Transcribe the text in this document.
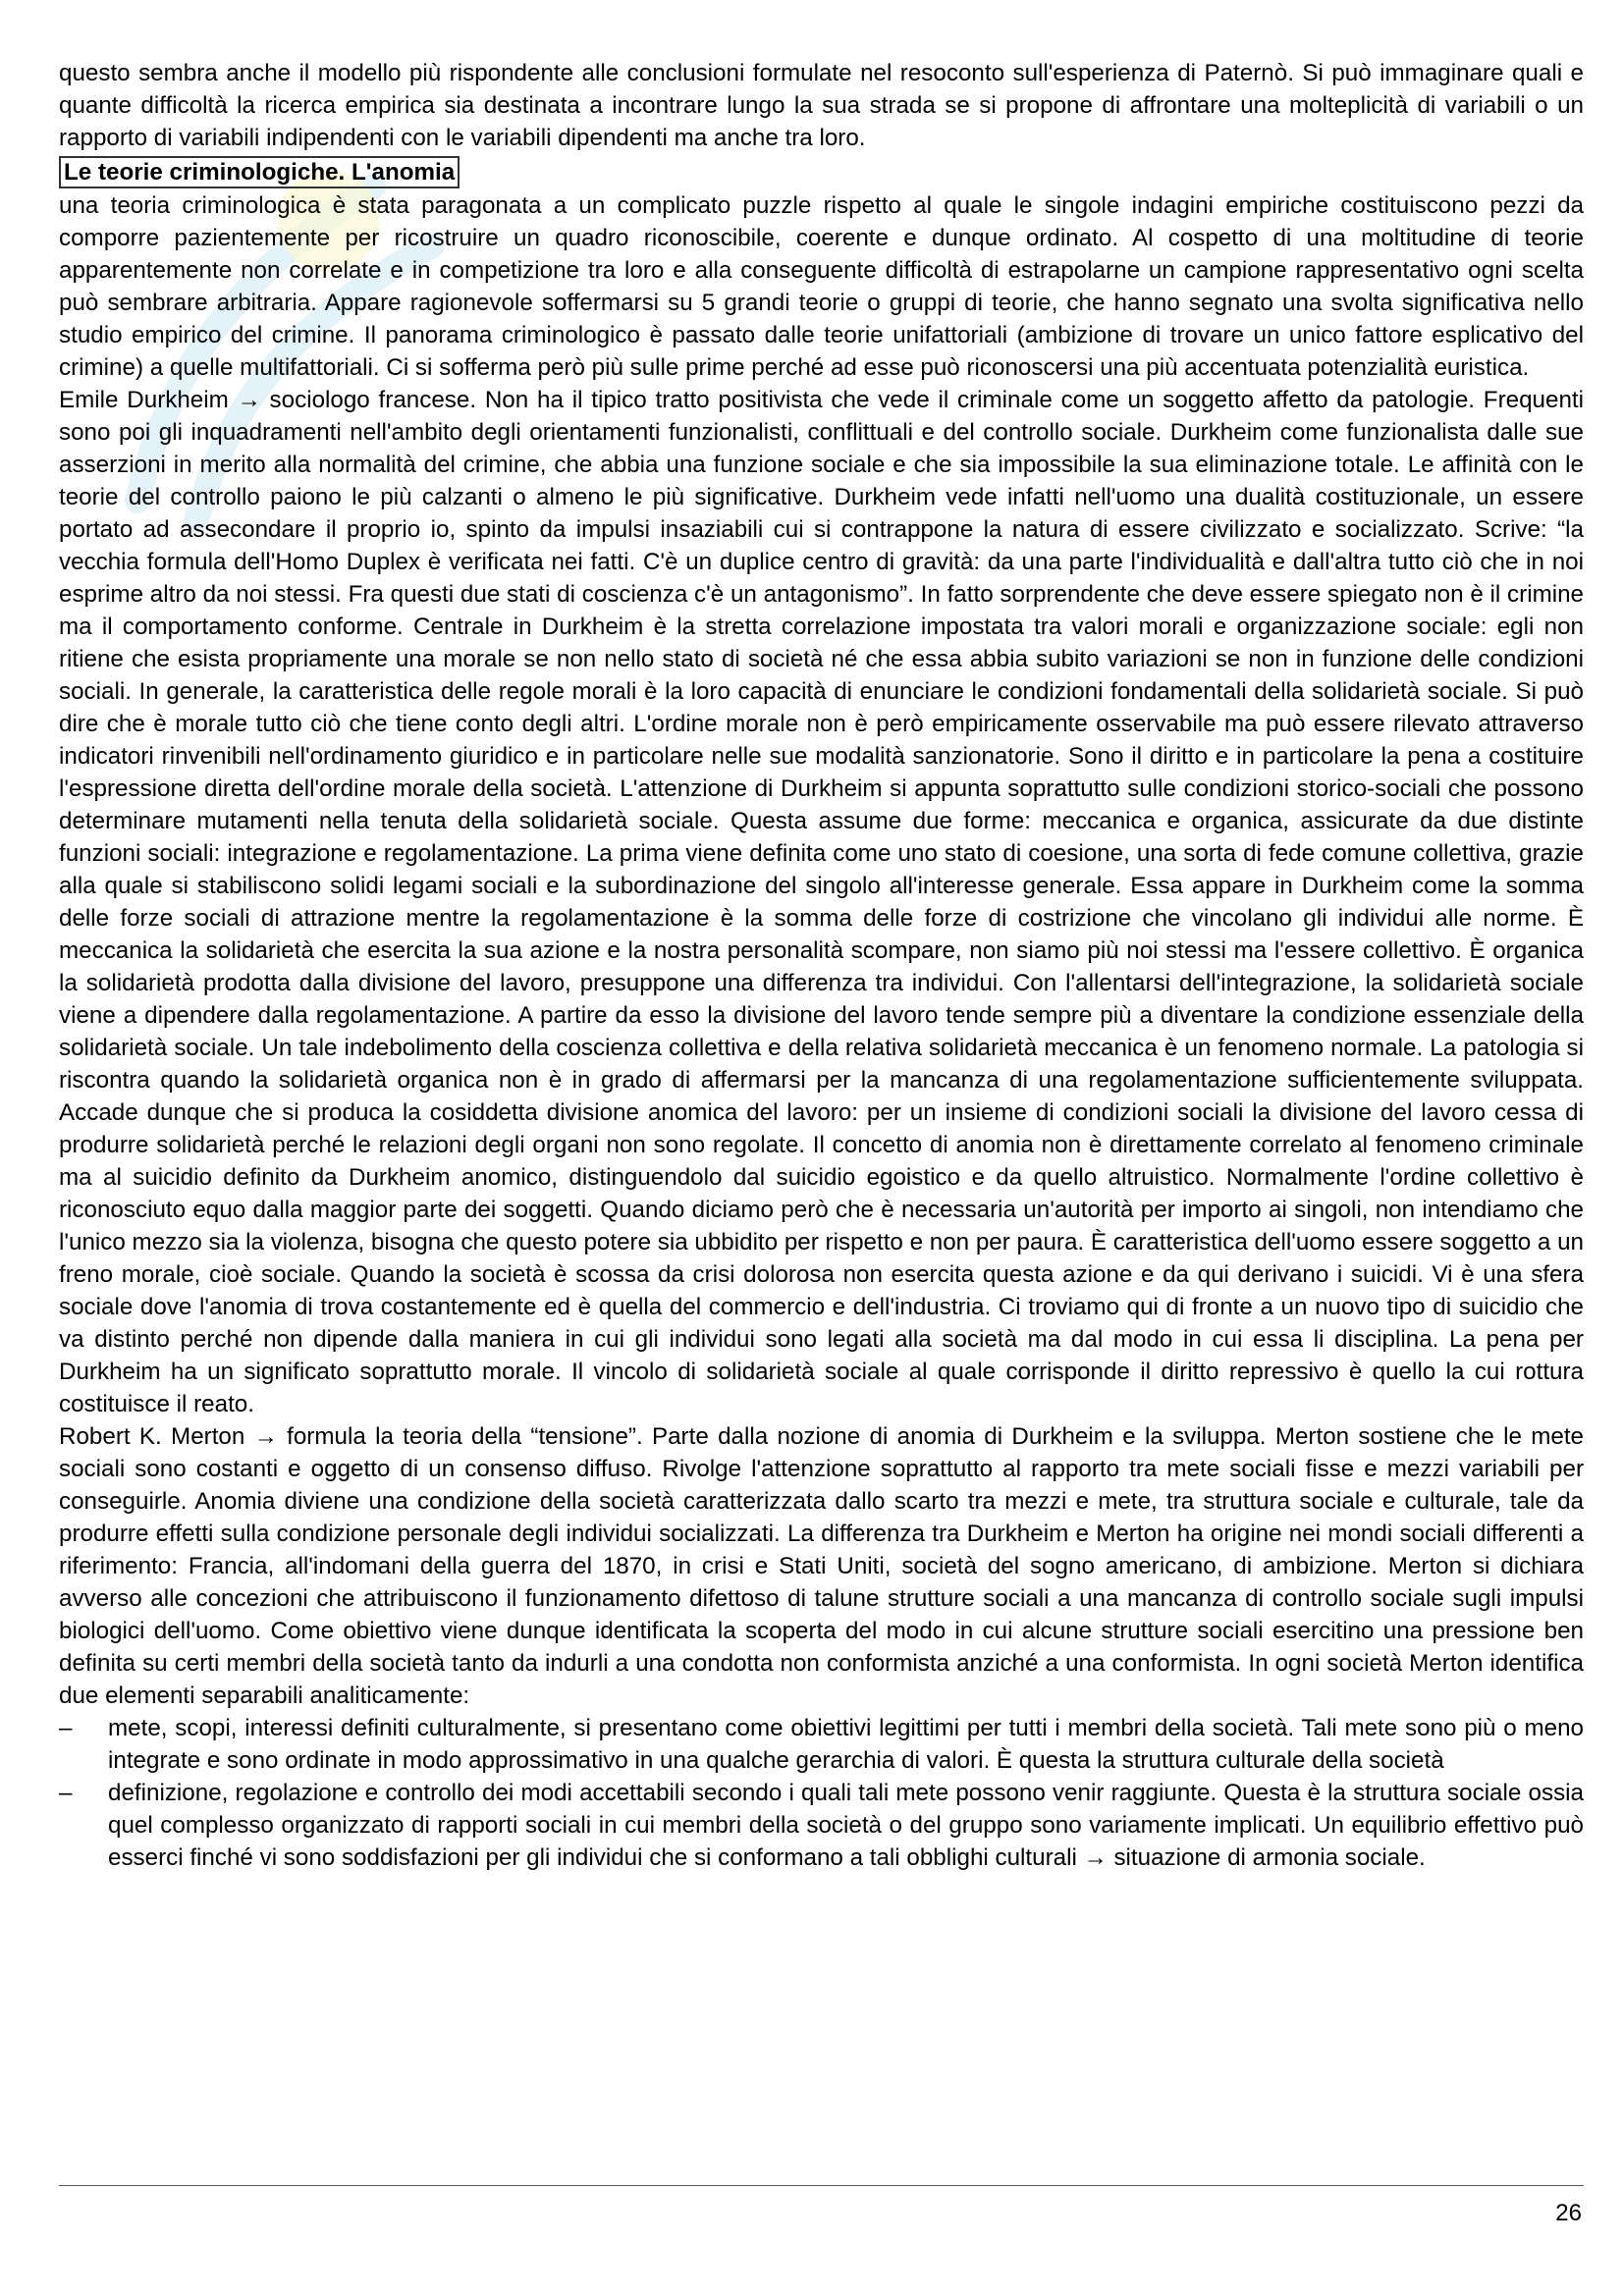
questo sembra anche il modello più rispondente alle conclusioni formulate nel resoconto sull'esperienza di Paternò. Si può immaginare quali e quante difficoltà la ricerca empirica sia destinata a incontrare lungo la sua strada se si propone di affrontare una molteplicità di variabili o un rapporto di variabili indipendenti con le variabili dipendenti ma anche tra loro.

Le teorie criminologiche. L'anomia

una teoria criminologica è stata paragonata a un complicato puzzle rispetto al quale le singole indagini empiriche costituiscono pezzi da comporre pazientemente per ricostruire un quadro riconoscibile, coerente e dunque ordinato. Al cospetto di una moltitudine di teorie apparentemente non correlate e in competizione tra loro e alla conseguente difficoltà di estrapolarne un campione rappresentativo ogni scelta può sembrare arbitraria. Appare ragionevole soffermarsi su 5 grandi teorie o gruppi di teorie, che hanno segnato una svolta significativa nello studio empirico del crimine. Il panorama criminologico è passato dalle teorie unifattoriali (ambizione di trovare un unico fattore esplicativo del crimine) a quelle multifattoriali. Ci si sofferma però più sulle prime perché ad esse può riconoscersi una più accentuata potenzialità euristica.

Emile Durkheim → sociologo francese. Non ha il tipico tratto positivista che vede il criminale come un soggetto affetto da patologie. Frequenti sono poi gli inquadramenti nell'ambito degli orientamenti funzionalisti, conflittuali e del controllo sociale. Durkheim come funzionalista dalle sue asserzioni in merito alla normalità del crimine, che abbia una funzione sociale e che sia impossibile la sua eliminazione totale. Le affinità con le teorie del controllo paiono le più calzanti o almeno le più significative. Durkheim vede infatti nell'uomo una dualità costituzionale, un essere portato ad assecondare il proprio io, spinto da impulsi insaziabili cui si contrappone la natura di essere civilizzato e socializzato. Scrive: “la vecchia formula dell'Homo Duplex è verificata nei fatti. C'è un duplice centro di gravità: da una parte l'individualità e dall'altra tutto ciò che in noi esprime altro da noi stessi. Fra questi due stati di coscienza c'è un antagonismo”. In fatto sorprendente che deve essere spiegato non è il crimine ma il comportamento conforme. Centrale in Durkheim è la stretta correlazione impostata tra valori morali e organizzazione sociale: egli non ritiene che esista propriamente una morale se non nello stato di società né che essa abbia subito variazioni se non in funzione delle condizioni sociali. In generale, la caratteristica delle regole morali è la loro capacità di enunciare le condizioni fondamentali della solidarietà sociale. Si può dire che è morale tutto ciò che tiene conto degli altri. L'ordine morale non è però empiricamente osservabile ma può essere rilevato attraverso indicatori rinvenibili nell'ordinamento giuridico e in particolare nelle sue modalità sanzionatorie. Sono il diritto e in particolare la pena a costituire l'espressione diretta dell'ordine morale della società. L'attenzione di Durkheim si appunta soprattutto sulle condizioni storico-sociali che possono determinare mutamenti nella tenuta della solidarietà sociale. Questa assume due forme: meccanica e organica, assicurate da due distinte funzioni sociali: integrazione e regolamentazione. La prima viene definita come uno stato di coesione, una sorta di fede comune collettiva, grazie alla quale si stabiliscono solidi legami sociali e la subordinazione del singolo all'interesse generale. Essa appare in Durkheim come la somma delle forze sociali di attrazione mentre la regolamentazione è la somma delle forze di costrizione che vincolano gli individui alle norme. È meccanica la solidarietà che esercita la sua azione e la nostra personalità scompare, non siamo più noi stessi ma l'essere collettivo. È organica la solidarietà prodotta dalla divisione del lavoro, presuppone una differenza tra individui. Con l'allentarsi dell'integrazione, la solidarietà sociale viene a dipendere dalla regolamentazione. A partire da esso la divisione del lavoro tende sempre più a diventare la condizione essenziale della solidarietà sociale. Un tale indebolimento della coscienza collettiva e della relativa solidarietà meccanica è un fenomeno normale. La patologia si riscontra quando la solidarietà organica non è in grado di affermarsi per la mancanza di una regolamentazione sufficientemente sviluppata. Accade dunque che si produca la cosiddetta divisione anomica del lavoro: per un insieme di condizioni sociali la divisione del lavoro cessa di produrre solidarietà perché le relazioni degli organi non sono regolate. Il concetto di anomia non è direttamente correlato al fenomeno criminale ma al suicidio definito da Durkheim anomico, distinguendolo dal suicidio egoistico e da quello altruistico. Normalmente l'ordine collettivo è riconosciuto equo dalla maggior parte dei soggetti. Quando diciamo però che è necessaria un'autorità per importo ai singoli, non intendiamo che l'unico mezzo sia la violenza, bisogna che questo potere sia ubbidito per rispetto e non per paura. È caratteristica dell'uomo essere soggetto a un freno morale, cioè sociale. Quando la società è scossa da crisi dolorosa non esercita questa azione e da qui derivano i suicidi. Vi è una sfera sociale dove l'anomia di trova costantemente ed è quella del commercio e dell'industria. Ci troviamo qui di fronte a un nuovo tipo di suicidio che va distinto perché non dipende dalla maniera in cui gli individui sono legati alla società ma dal modo in cui essa li disciplina. La pena per Durkheim ha un significato soprattutto morale. Il vincolo di solidarietà sociale al quale corrisponde il diritto repressivo è quello la cui rottura costituisce il reato.

Robert K. Merton → formula la teoria della “tensione”. Parte dalla nozione di anomia di Durkheim e la sviluppa. Merton sostiene che le mete sociali sono costanti e oggetto di un consenso diffuso. Rivolge l'attenzione soprattutto al rapporto tra mete sociali fisse e mezzi variabili per conseguirle. Anomia diviene una condizione della società caratterizzata dallo scarto tra mezzi e mete, tra struttura sociale e culturale, tale da produrre effetti sulla condizione personale degli individui socializzati. La differenza tra Durkheim e Merton ha origine nei mondi sociali differenti a riferimento: Francia, all'indomani della guerra del 1870, in crisi e Stati Uniti, società del sogno americano, di ambizione. Merton si dichiara avverso alle concezioni che attribuiscono il funzionamento difettoso di talune strutture sociali a una mancanza di controllo sociale sugli impulsi biologici dell'uomo. Come obiettivo viene dunque identificata la scoperta del modo in cui alcune strutture sociali esercitino una pressione ben definita su certi membri della società tanto da indurli a una condotta non conformista anziché a una conformista. In ogni società Merton identifica due elementi separabili analiticamente:

–	mete, scopi, interessi definiti culturalmente, si presentano come obiettivi legittimi per tutti i membri della società. Tali mete sono più o meno integrate e sono ordinate in modo approssimativo in una qualche gerarchia di valori. È questa la struttura culturale della società
–	definizione, regolazione e controllo dei modi accettabili secondo i quali tali mete possono venir raggiunte. Questa è la struttura sociale ossia quel complesso organizzato di rapporti sociali in cui membri della società o del gruppo sono variamente implicati. Un equilibrio effettivo può esserci finché vi sono soddisfazioni per gli individui che si conformano a tali obblighi culturali → situazione di armonia sociale.
26
